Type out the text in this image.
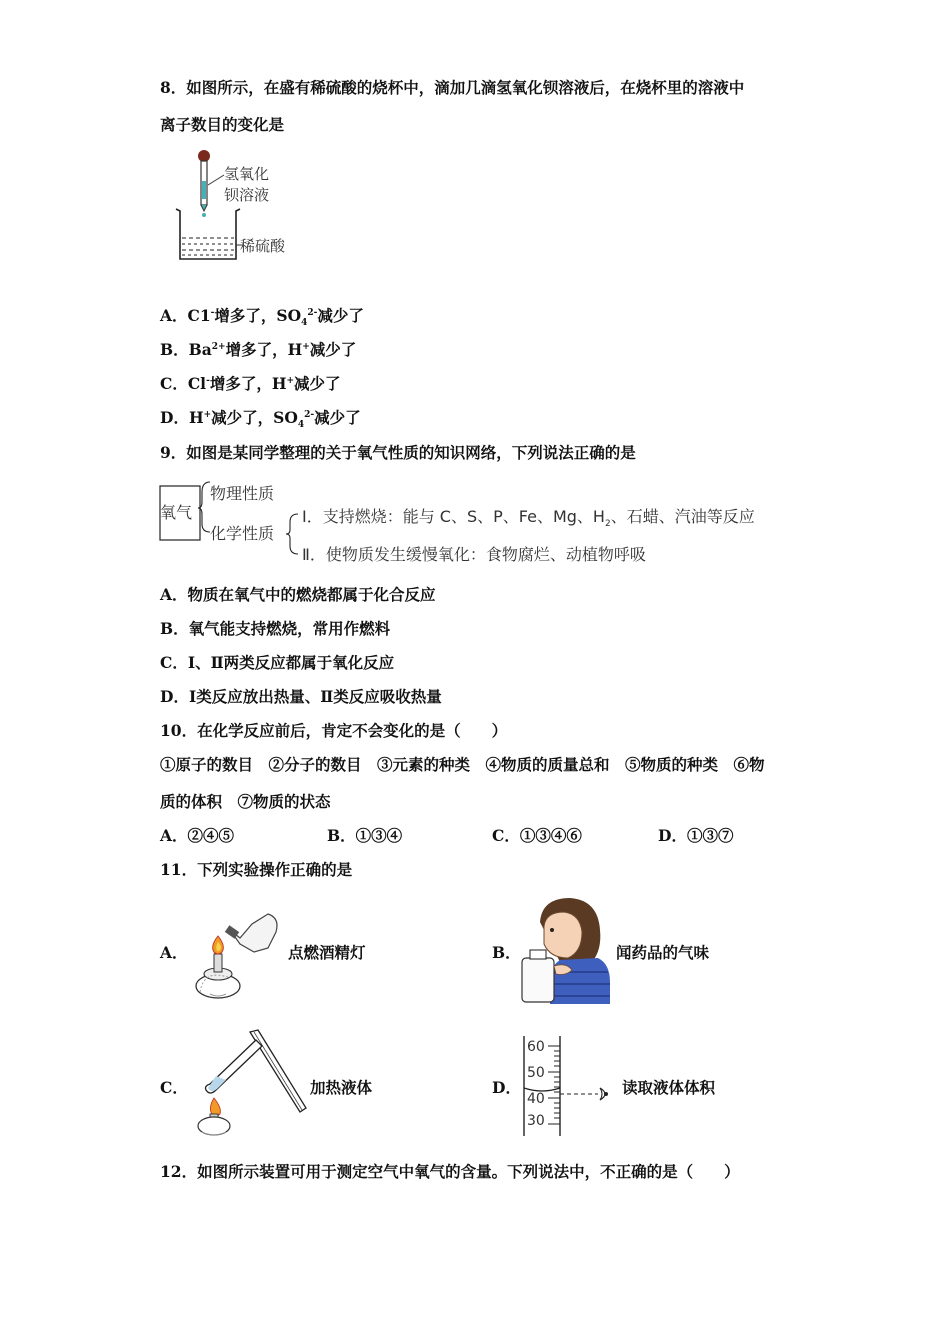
8．如图所示，在盛有稀硫酸的烧杯中，滴加几滴氢氧化钡溶液后，在烧杯里的溶液中
离子数目的变化是
氢氧化
钡溶液
稀硫酸
A．C1-增多了，$SO_4^{2-}$减少了
B．$Ba^{2+}$增多了，H+减少了
C．Cl-增多了，H+减少了
D．H+减少了，$SO_4^{2-}$减少了
9．如图是某同学整理的关于氧气性质的知识网络，下列说法正确的是
氧气
物理性质
化学性质
Ⅰ．支持燃烧：能与 C、S、P、Fe、Mg、$H_2$、石蜡、汽油等反应
Ⅱ．使物质发生缓慢氧化：食物腐烂、动植物呼吸
A．物质在氧气中的燃烧都属于化合反应
B．氧气能支持燃烧，常用作燃料
C．Ⅰ、Ⅱ两类反应都属于氧化反应
D．Ⅰ类反应放出热量、Ⅱ类反应吸收热量
10．在化学反应前后，肯定不会变化的是（　　）
①原子的数目　②分子的数目　③元素的种类　④物质的质量总和　⑤物质的种类　⑥物
质的体积　⑦物质的状态
A．②④⑤	B．①③④	C．①③④⑥	D．①③⑦
11．下列实验操作正确的是
A．	点燃酒精灯	B．	闻药品的气味
C．	加热液体	D．
60
50
40
30
读取液体体积
12．如图所示装置可用于测定空气中氧气的含量。下列说法中，不正确的是（　　）
